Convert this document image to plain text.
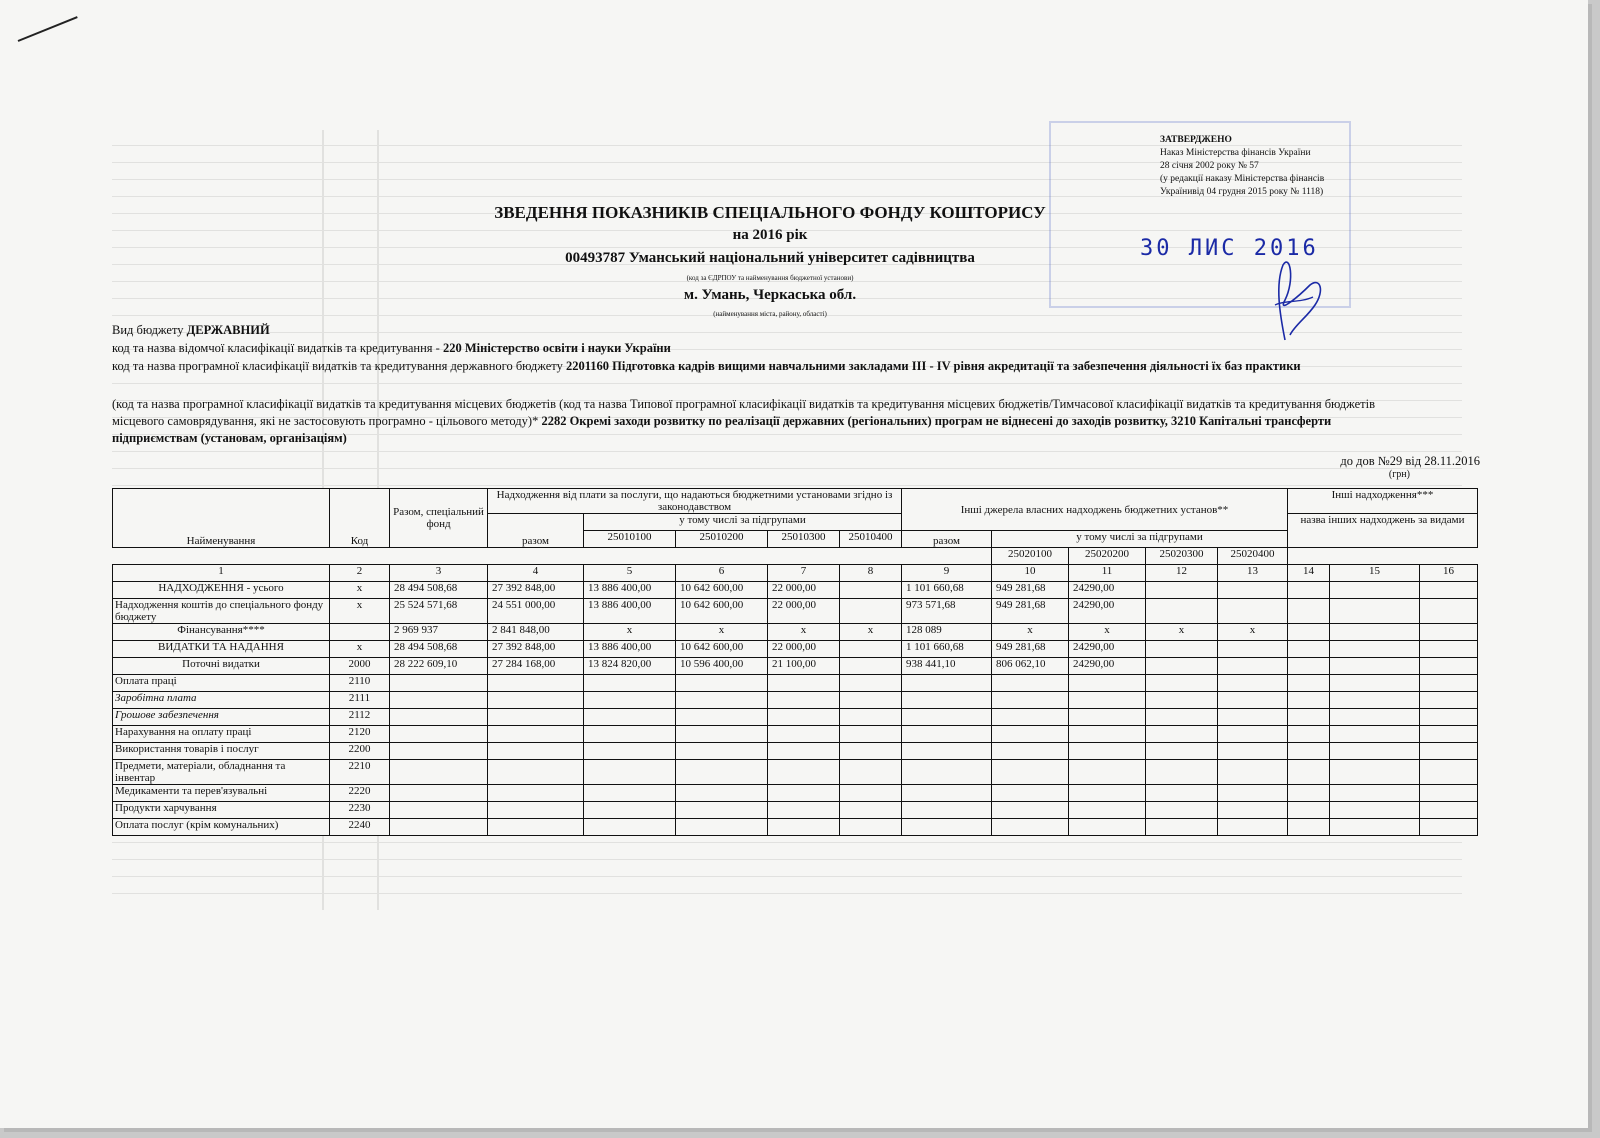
ЗАТВЕРДЖЕНО
Наказ Міністерства фінансів України
28 січня 2002 року № 57
(у редакції наказу Міністерства фінансів Українивід 04 грудня 2015 року № 1118)
30 ЛИС 2016
ЗВЕДЕННЯ ПОКАЗНИКІВ СПЕЦІАЛЬНОГО ФОНДУ КОШТОРИСУ
на 2016 рік
00493787 Уманський національний університет садівництва
(код за ЄДРПОУ та найменування бюджетної установи)
м. Умань, Черкаська обл.
(найменування міста, району, області)
Вид бюджету ДЕРЖАВНИЙ
код та назва відомчої класифікації видатків та кредитування - 220 Міністерство освіти і науки України
код та назва програмної класифікації видатків та кредитування державного бюджету 2201160 Підготовка кадрів вищими навчальними закладами ІІІ - ІV рівня акредитації та забезпечення діяльності їх баз практики
(код та назва програмної класифікації видатків та кредитування місцевих бюджетів (код та назва Типової програмної класифікації видатків та кредитування місцевих бюджетів/Тимчасової класифікації видатків та кредитування бюджетів місцевого самоврядування, які не застосовують програмно - цільового методу)* 2282 Окремі заходи розвитку по реалізації державних (регіональних) програм не віднесені до заходів розвитку, 3210 Капітальні трансферти підприємствам (установам, організаціям)
до дов №29 від 28.11.2016
(грн)
Найменування	Код	Разом, спеціальний фонд	Надходження від плати за послуги, що надаються бюджетними установами згідно із законодавством					Інші джерела власних надходжень бюджетних установ**					Інші надходження***		
			разом	у тому числі за підгрупами									назва інших надходжень за видами		
				25010100	25010200	25010300	25010400	разом	у тому числі за підгрупами						
									25020100	25020200	25020300	25020400			
1	2	3	4	5	6	7	8	9	10	11	12	13	14	15	16
НАДХОДЖЕННЯ - усього	х	28 494 508,68	27 392 848,00	13 886 400,00	10 642 600,00	22 000,00		1 101 660,68	949 281,68	24290,00					
Надходження коштів до спеціального фонду бюджету	х	25 524 571,68	24 551 000,00	13 886 400,00	10 642 600,00	22 000,00		973 571,68	949 281,68	24290,00					
Фінансування****		2 969 937	2 841 848,00	х	х	х	х	128 089	х	х	х	х			
ВИДАТКИ ТА НАДАННЯ	х	28 494 508,68	27 392 848,00	13 886 400,00	10 642 600,00	22 000,00		1 101 660,68	949 281,68	24290,00					
Поточні видатки	2000	28 222 609,10	27 284 168,00	13 824 820,00	10 596 400,00	21 100,00		938 441,10	806 062,10	24290,00					
Оплата праці	2110														
Заробітна плата	2111														
Грошове забезпечення	2112														
Нарахування на оплату праці	2120														
Використання товарів і послуг	2200														
Предмети, матеріали, обладнання та інвентар	2210														
Медикаменти та перев'язувальні	2220														
Продукти харчування	2230														
Оплата послуг (крім комунальних)	2240														
